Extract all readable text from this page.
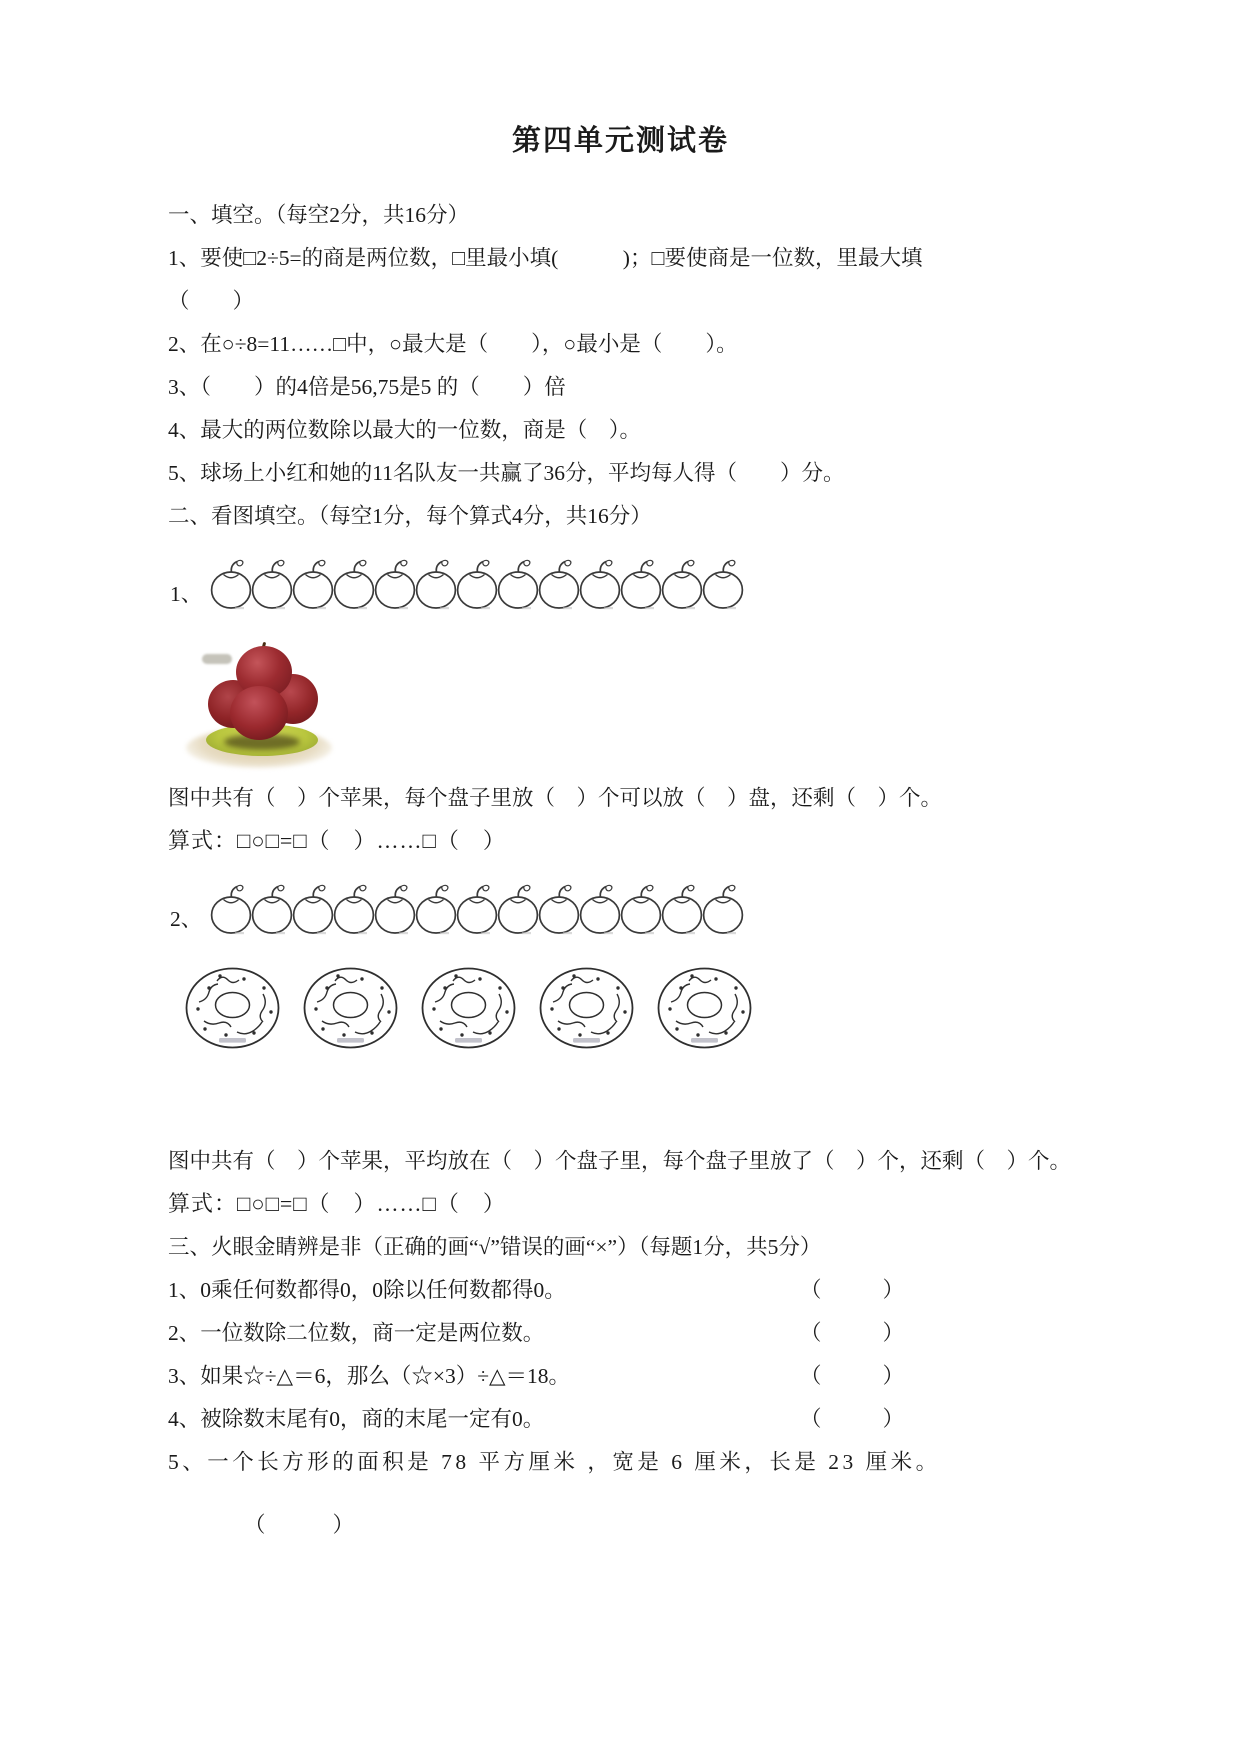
第四单元测试卷

一、填空。（每空2分，共16分）

1、要使□2÷5=的商是两位数，□里最小填(　　　)；□要使商是一位数，里最大填

（　　）

2、在○÷8=11……□中，○最大是（　　），○最小是（　　）。

3、（　　）的4倍是56,75是5 的（　　）倍

4、最大的两位数除以最大的一位数，商是（　）。

5、球场上小红和她的11名队友一共赢了36分，平均每人得（　　）分。

二、看图填空。（每空1分，每个算式4分，共16分）

1、

图中共有（　）个苹果，每个盘子里放（　）个可以放（　）盘，还剩（　）个。

算式：□○□=□（　）……□（　）

2、

图中共有（　）个苹果，平均放在（　）个盘子里，每个盘子里放了（　）个，还剩（　）个。

算式：□○□=□（　）……□（　）

三、火眼金睛辨是非（正确的画“√”错误的画“×”）（每题1分，共5分）

1、0乘任何数都得0，0除以任何数都得0。	（　　）
2、一位数除二位数，商一定是两位数。	（　　）
3、如果☆÷△＝6，那么（☆×3）÷△＝18。	（　　）
4、被除数末尾有0，商的末尾一定有0。	（　　）

5、一个长方形的面积是 78 平方厘米 ，宽是 6 厘米，长是 23 厘米。

（　　）
